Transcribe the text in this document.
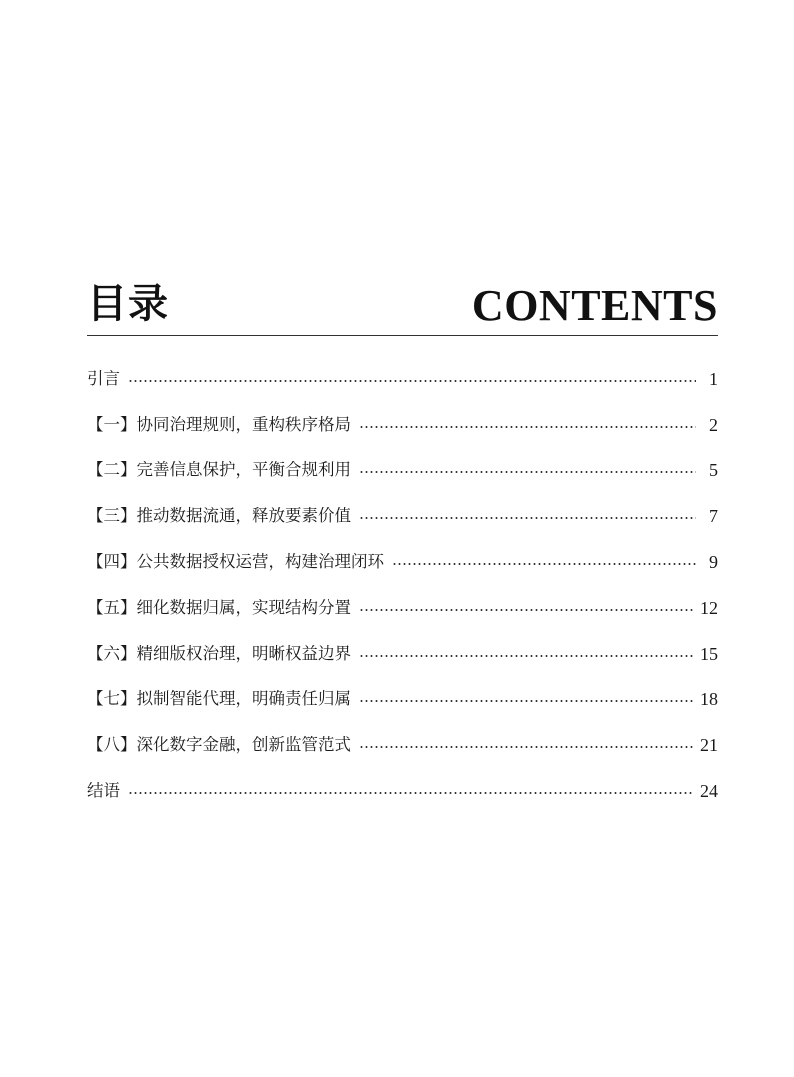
目录	CONTENTS
引言	1
【一】协同治理规则，重构秩序格局	2
【二】完善信息保护，平衡合规利用	5
【三】推动数据流通，释放要素价值	7
【四】公共数据授权运营，构建治理闭环	9
【五】细化数据归属，实现结构分置	12
【六】精细版权治理，明晰权益边界	15
【七】拟制智能代理，明确责任归属	18
【八】深化数字金融，创新监管范式	21
结语	24
